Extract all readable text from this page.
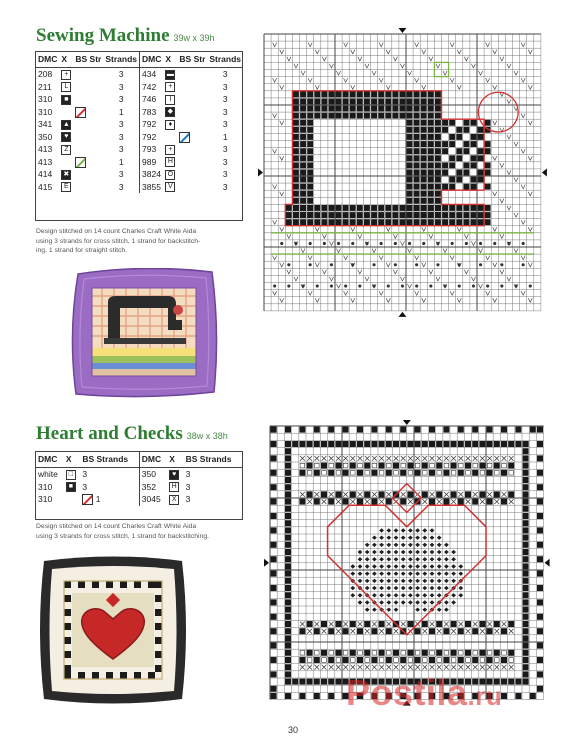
Sewing Machine 39w x 39h
DMC	X	BS Str	Strands	DMC	X	BS Str	Strands
208	+		3	434	▬		3
211	L		3	742	+		3
310	■		3	746	I		3
310			1	783	◆		3
341	▲		3	792	♦		3
350	♥		3	792			1
413	Z		3	793	+		3
413			1	989	H		3
414	✖		3	3824	O		3
415	E		3	3855	V		3
Design stitched on 14 count Charles Craft White Aida
using 3 strands for cross stitch, 1 strand for backstitch-
ing, 1 strand for straight stitch.
Heart and Checks 38w x 38h
DMC	X	BS Strands	DMC	X	BS Strands
white	□	3	350	♥	3
310	■	3	352	H	3
310		1	3045	X	3
Design stitched on 14 count Charles Craft White Aida
using 3 strands for cross stitch, 1 strand for backstitching.
30
Postila.ru
